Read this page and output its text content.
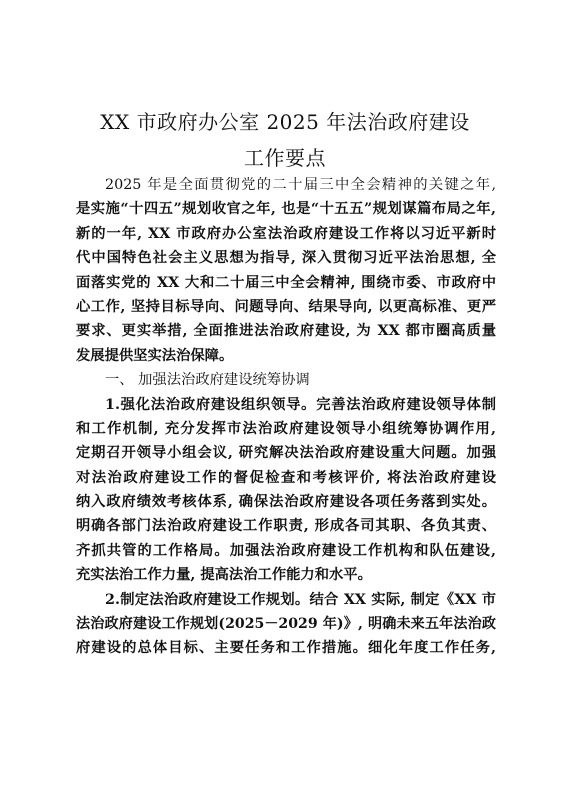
XX 市政府办公室 2025 年法治政府建设
工作要点
2025 年是全面贯彻党的二十届三中全会精神的关键之年,
是实施“十四五”规划收官之年, 也是“十五五”规划谋篇布局之年,
新的一年, XX 市政府办公室法治政府建设工作将以习近平新时
代中国特色社会主义思想为指导, 深入贯彻习近平法治思想, 全
面落实党的 XX 大和二十届三中全会精神, 围绕市委、市政府中
心工作, 坚持目标导向、问题导向、结果导向, 以更高标准、更严
要求、更实举措, 全面推进法治政府建设, 为 XX 都市圈高质量
发展提供坚实法治保障。
一、 加强法治政府建设统筹协调
1.强化法治政府建设组织领导。完善法治政府建设领导体制
和工作机制, 充分发挥市法治政府建设领导小组统筹协调作用,
定期召开领导小组会议, 研究解决法治政府建设重大问题。加强
对法治政府建设工作的督促检查和考核评价, 将法治政府建设
纳入政府绩效考核体系, 确保法治政府建设各项任务落到实处。
明确各部门法治政府建设工作职责, 形成各司其职、各负其责、
齐抓共管的工作格局。加强法治政府建设工作机构和队伍建设,
充实法治工作力量, 提高法治工作能力和水平。
2.制定法治政府建设工作规划。结合 XX 实际, 制定《XX 市
法治政府建设工作规划(2025－2029 年)》, 明确未来五年法治政
府建设的总体目标、主要任务和工作措施。细化年度工作任务,
